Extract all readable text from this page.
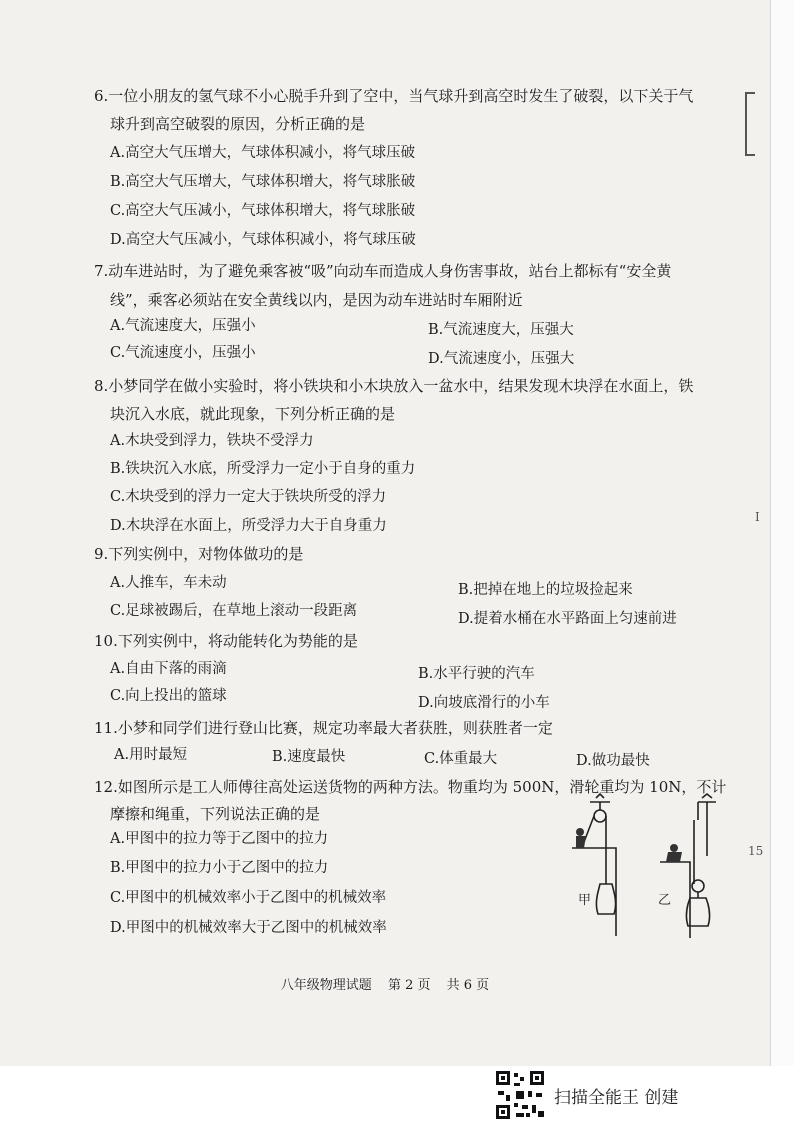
6.一位小朋友的氢气球不小心脱手升到了空中，当气球升到高空时发生了破裂，以下关于气
球升到高空破裂的原因，分析正确的是
A.高空大气压增大，气球体积减小，将气球压破
B.高空大气压增大，气球体积增大，将气球胀破
C.高空大气压减小，气球体积增大，将气球胀破
D.高空大气压减小，气球体积减小，将气球压破
7.动车进站时，为了避免乘客被“吸”向动车而造成人身伤害事故，站台上都标有“安全黄
线”，乘客必须站在安全黄线以内，是因为动车进站时车厢附近
A.气流速度大，压强小	B.气流速度大，压强大
C.气流速度小，压强小	D.气流速度小，压强大
8.小梦同学在做小实验时，将小铁块和小木块放入一盆水中，结果发现木块浮在水面上，铁
块沉入水底，就此现象，下列分析正确的是
A.木块受到浮力，铁块不受浮力
B.铁块沉入水底，所受浮力一定小于自身的重力
C.木块受到的浮力一定大于铁块所受的浮力
D.木块浮在水面上，所受浮力大于自身重力
I
9.下列实例中，对物体做功的是
A.人推车，车未动	B.把掉在地上的垃圾捡起来
C.足球被踢后，在草地上滚动一段距离	D.提着水桶在水平路面上匀速前进
10.下列实例中，将动能转化为势能的是
A.自由下落的雨滴	B.水平行驶的汽车
C.向上投出的篮球	D.向坡底滑行的小车
11.小梦和同学们进行登山比赛，规定功率最大者获胜，则获胜者一定
A.用时最短	B.速度最快	C.体重最大	D.做功最快
12.如图所示是工人师傅往高处运送货物的两种方法。物重均为 500N，滑轮重均为 10N，不计
摩擦和绳重，下列说法正确的是
A.甲图中的拉力等于乙图中的拉力
B.甲图中的拉力小于乙图中的拉力
C.甲图中的机械效率小于乙图中的机械效率
D.甲图中的机械效率大于乙图中的机械效率
甲	乙
15
八年级物理试题 第 2 页 共 6 页
扫描全能王 创建
